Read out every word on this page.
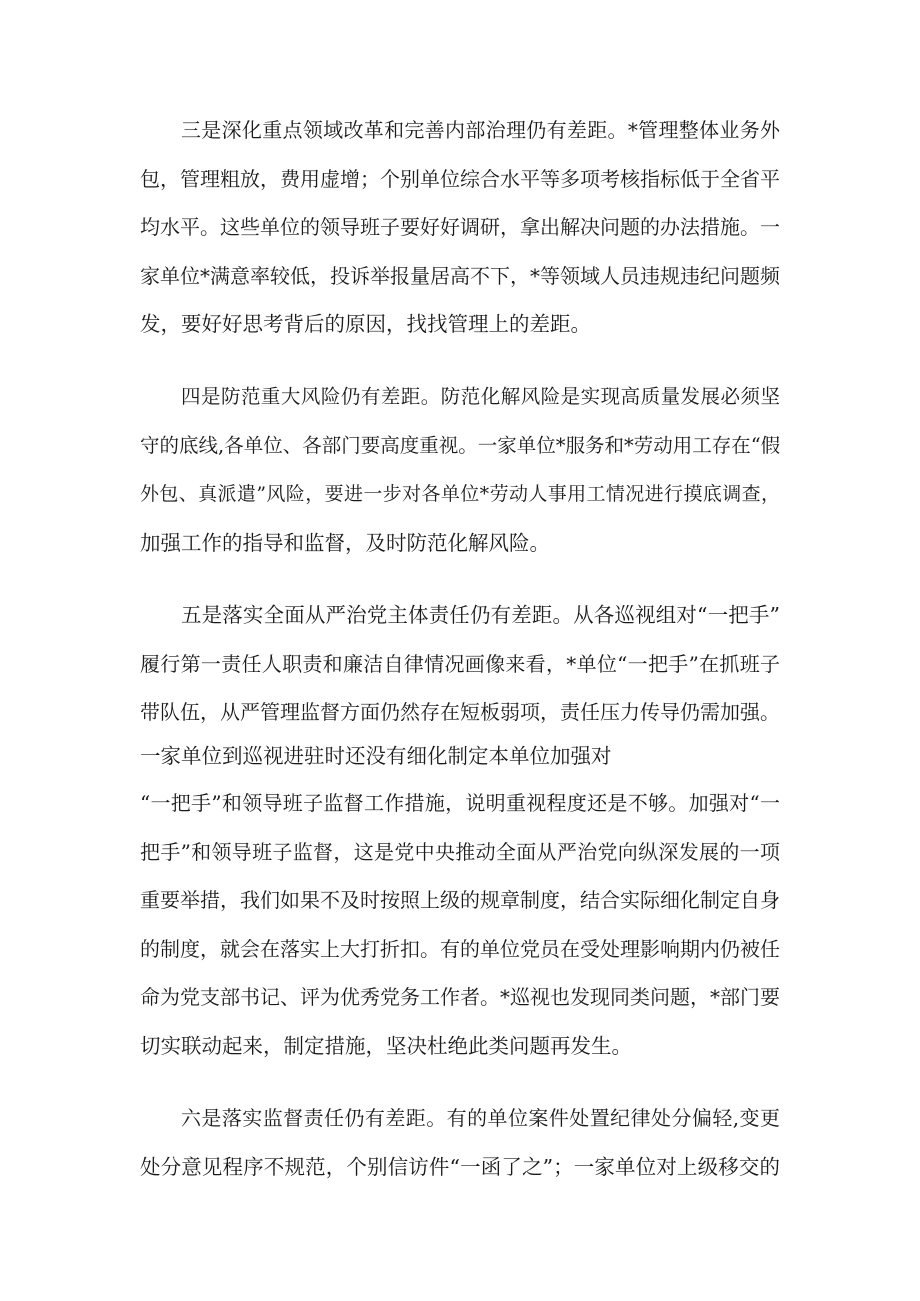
三是深化重点领域改革和完善内部治理仍有差距。*管理整体业务外
包，管理粗放，费用虚增；个别单位综合水平等多项考核指标低于全省平
均水平。这些单位的领导班子要好好调研，拿出解决问题的办法措施。一
家单位*满意率较低，投诉举报量居高不下，*等领域人员违规违纪问题频
发，要好好思考背后的原因，找找管理上的差距。
四是防范重大风险仍有差距。防范化解风险是实现高质量发展必须坚
守的底线,各单位、各部门要高度重视。一家单位*服务和*劳动用工存在“假
外包、真派遣”风险，要进一步对各单位*劳动人事用工情况进行摸底调查，
加强工作的指导和监督，及时防范化解风险。
五是落实全面从严治党主体责任仍有差距。从各巡视组对“一把手”
履行第一责任人职责和廉洁自律情况画像来看，*单位“一把手”在抓班子
带队伍，从严管理监督方面仍然存在短板弱项，责任压力传导仍需加强。
一家单位到巡视进驻时还没有细化制定本单位加强对
“一把手”和领导班子监督工作措施，说明重视程度还是不够。加强对“一
把手”和领导班子监督，这是党中央推动全面从严治党向纵深发展的一项
重要举措，我们如果不及时按照上级的规章制度，结合实际细化制定自身
的制度，就会在落实上大打折扣。有的单位党员在受处理影响期内仍被任
命为党支部书记、评为优秀党务工作者。*巡视也发现同类问题，*部门要
切实联动起来，制定措施，坚决杜绝此类问题再发生。
六是落实监督责任仍有差距。有的单位案件处置纪律处分偏轻,变更
处分意见程序不规范，个别信访件“一函了之”；一家单位对上级移交的
